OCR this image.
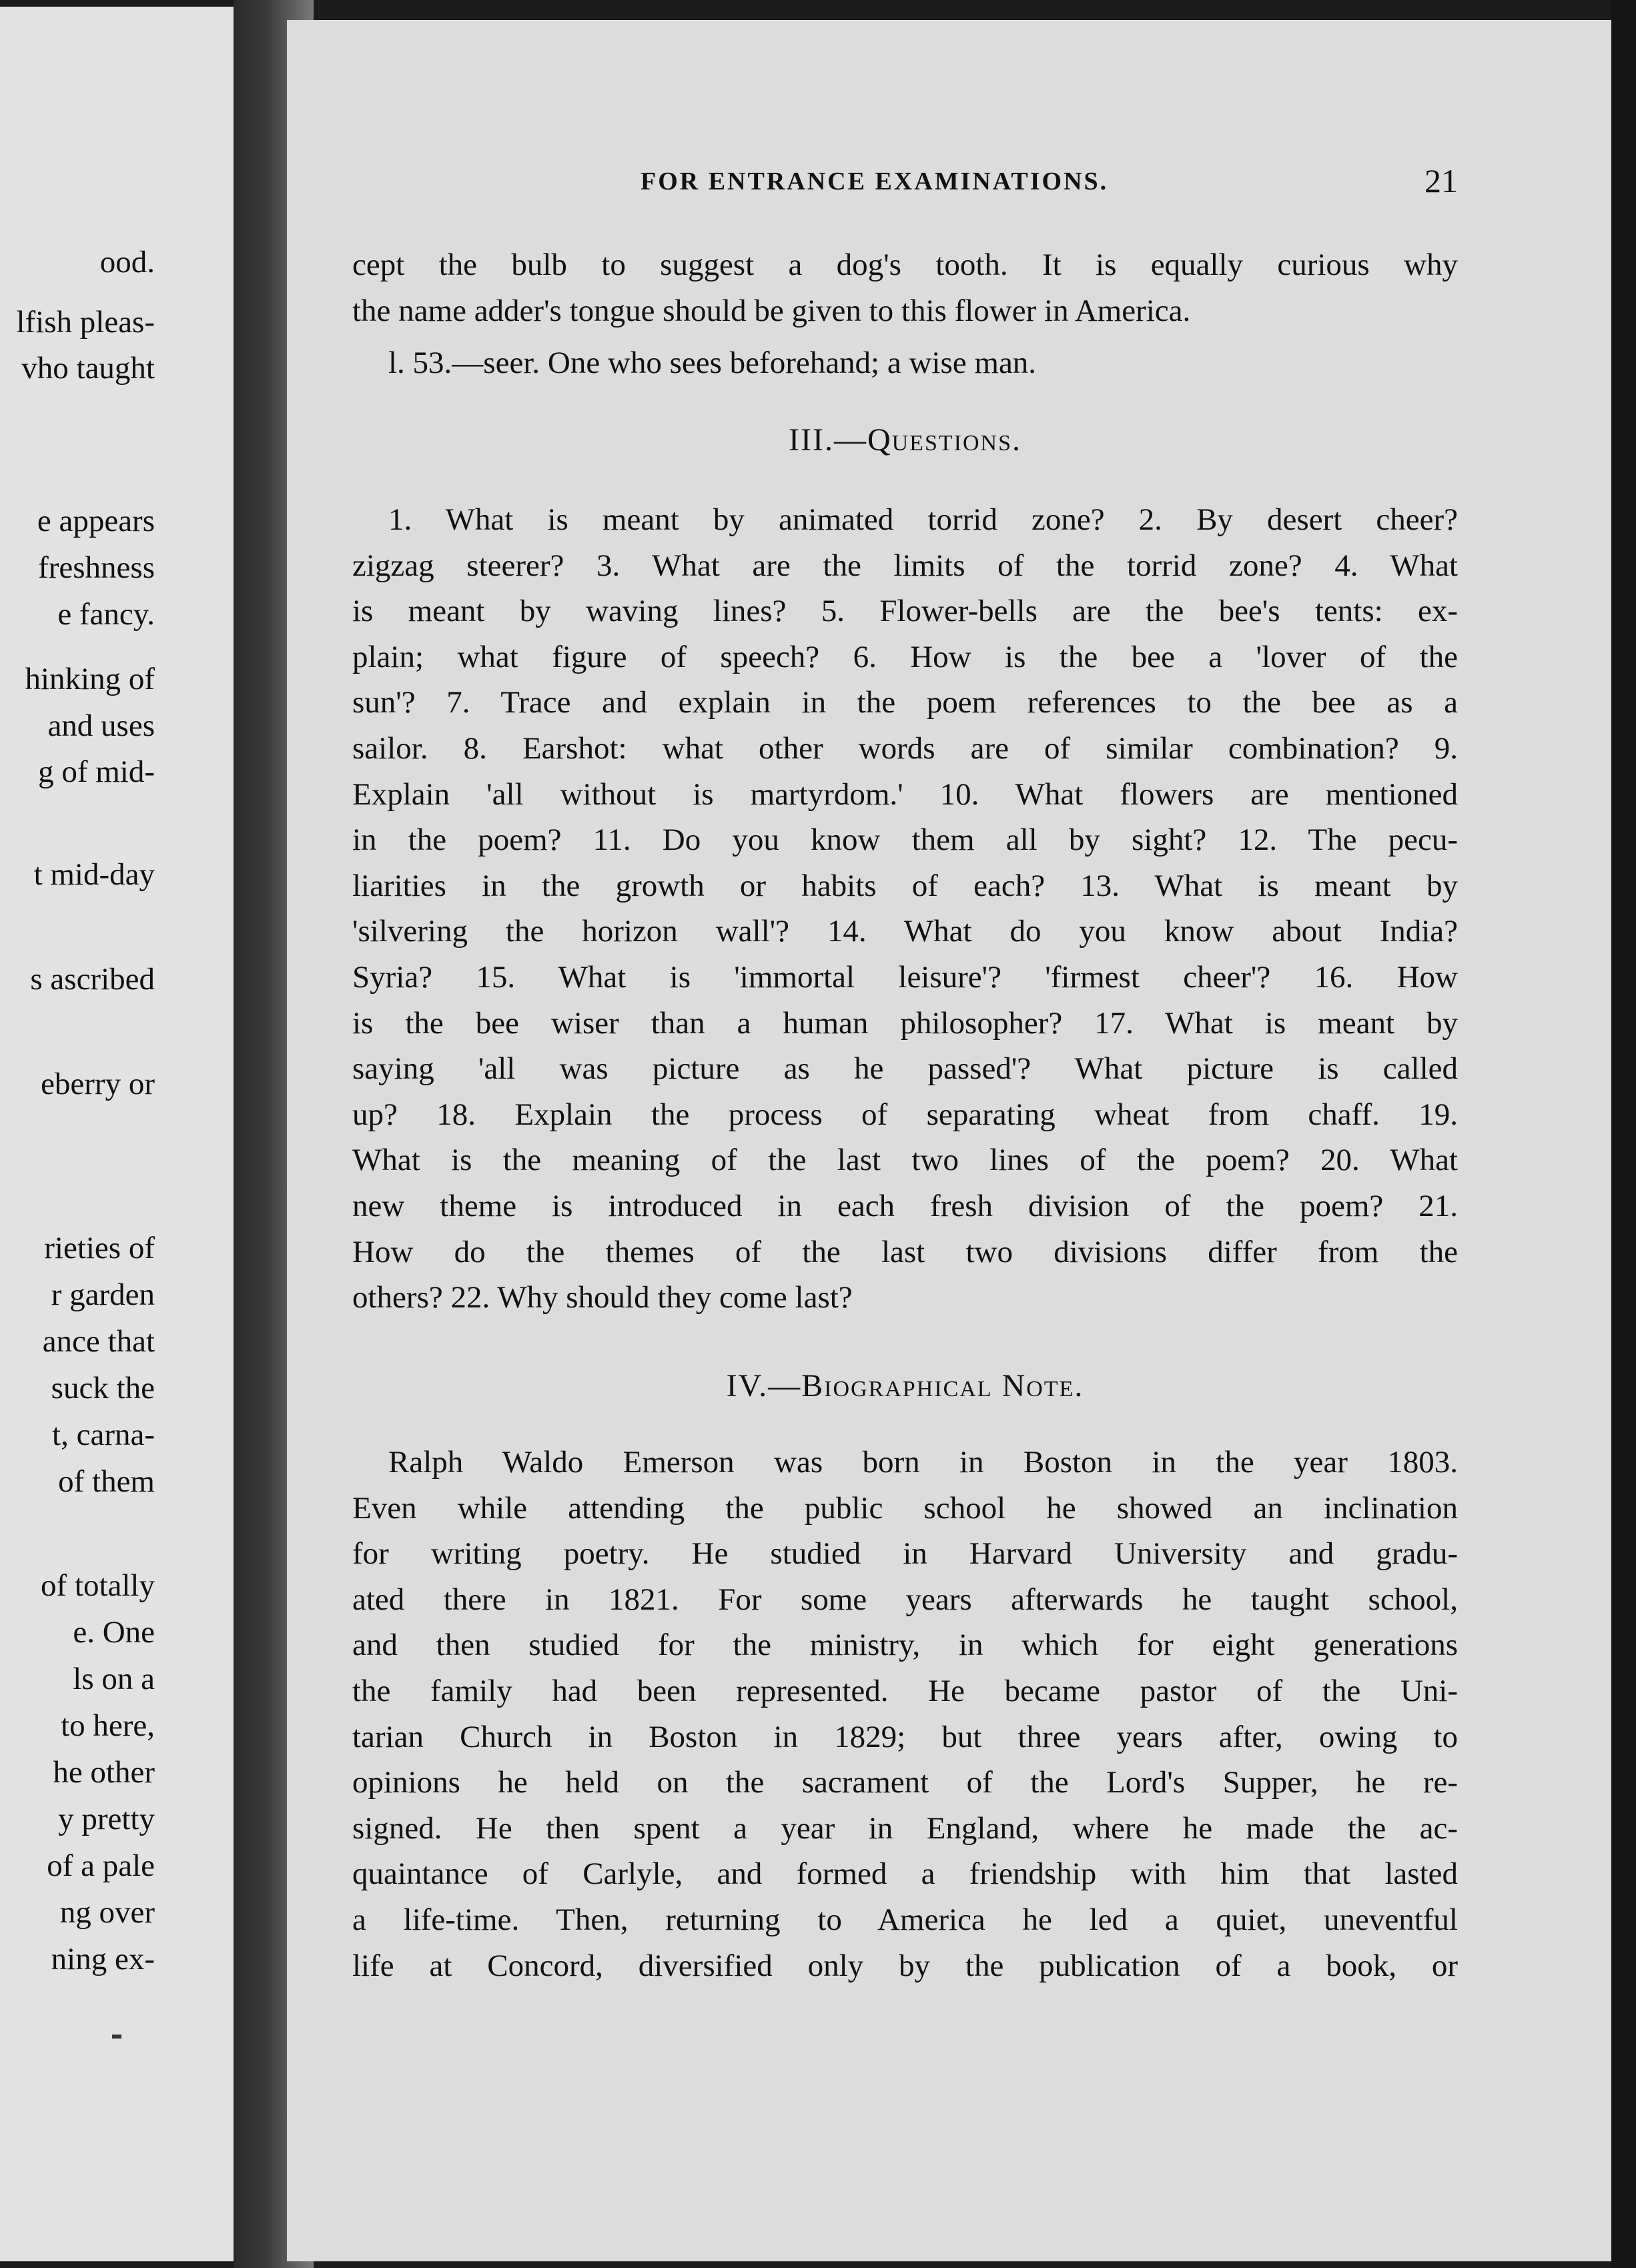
ood.
lfish pleas-
vho taught
e appears
freshness
e fancy.
hinking of
and uses
g of mid-
t mid-day
s ascribed
eberry or
rieties of
r garden
ance that
suck the
t, carna-
of them
of totally
e. One
ls on a
to here,
he other
y pretty
of a pale
ng over
ning ex-
FOR ENTRANCE EXAMINATIONS.	21
cept the bulb to suggest a dog's tooth. It is equally curious why
the name adder's tongue should be given to this flower in America.
l. 53.—seer. One who sees beforehand; a wise man.
III.—Questions.
1. What is meant by animated torrid zone? 2. By desert cheer?
zigzag steerer? 3. What are the limits of the torrid zone? 4. What
is meant by waving lines? 5. Flower-bells are the bee's tents: ex-
plain; what figure of speech? 6. How is the bee a 'lover of the
sun'? 7. Trace and explain in the poem references to the bee as a
sailor. 8. Earshot: what other words are of similar combination? 9.
Explain 'all without is martyrdom.' 10. What flowers are mentioned
in the poem? 11. Do you know them all by sight? 12. The pecu-
liarities in the growth or habits of each? 13. What is meant by
'silvering the horizon wall'? 14. What do you know about India?
Syria? 15. What is 'immortal leisure'? 'firmest cheer'? 16. How
is the bee wiser than a human philosopher? 17. What is meant by
saying 'all was picture as he passed'? What picture is called
up? 18. Explain the process of separating wheat from chaff. 19.
What is the meaning of the last two lines of the poem? 20. What
new theme is introduced in each fresh division of the poem? 21.
How do the themes of the last two divisions differ from the
others? 22. Why should they come last?
IV.—Biographical Note.
Ralph Waldo Emerson was born in Boston in the year 1803.
Even while attending the public school he showed an inclination
for writing poetry. He studied in Harvard University and gradu-
ated there in 1821. For some years afterwards he taught school,
and then studied for the ministry, in which for eight generations
the family had been represented. He became pastor of the Uni-
tarian Church in Boston in 1829; but three years after, owing to
opinions he held on the sacrament of the Lord's Supper, he re-
signed. He then spent a year in England, where he made the ac-
quaintance of Carlyle, and formed a friendship with him that lasted
a life-time. Then, returning to America he led a quiet, uneventful
life at Concord, diversified only by the publication of a book, or
